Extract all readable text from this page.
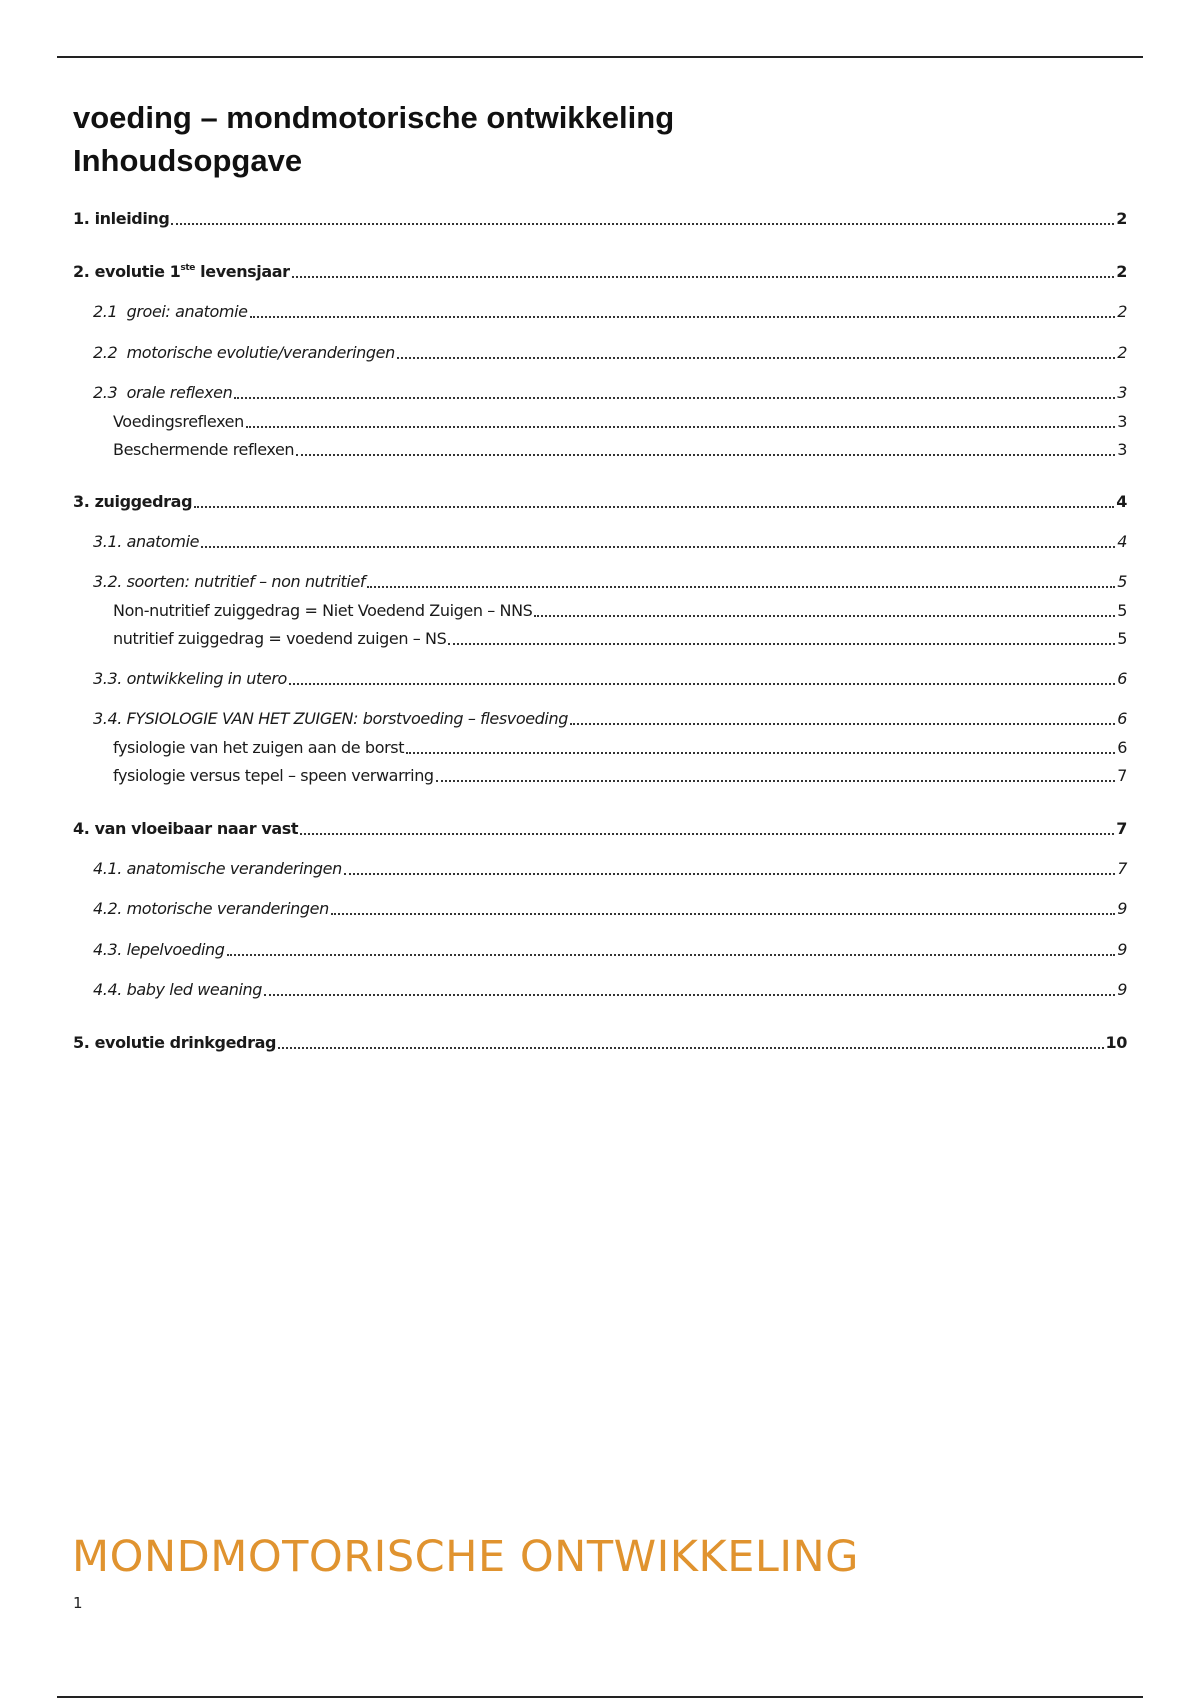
voeding – mondmotorische ontwikkeling
Inhoudsopgave
1. inleiding	2
2. evolutie 1ste levensjaar	2
2.1  groei: anatomie	2
2.2  motorische evolutie/veranderingen	2
2.3  orale reflexen	3
Voedingsreflexen	3
Beschermende reflexen	3
3. zuiggedrag	4
3.1. anatomie	4
3.2. soorten: nutritief – non nutritief	5
Non-nutritief zuiggedrag = Niet Voedend Zuigen – NNS	5
nutritief zuiggedrag = voedend zuigen – NS	5
3.3. ontwikkeling in utero	6
3.4. FYSIOLOGIE VAN HET ZUIGEN: borstvoeding – flesvoeding	6
fysiologie van het zuigen aan de borst	6
fysiologie versus tepel – speen verwarring	7
4. van vloeibaar naar vast	7
4.1. anatomische veranderingen	7
4.2. motorische veranderingen	9
4.3. lepelvoeding	9
4.4. baby led weaning	9
5. evolutie drinkgedrag	10
MONDMOTORISCHE ONTWIKKELING
1
